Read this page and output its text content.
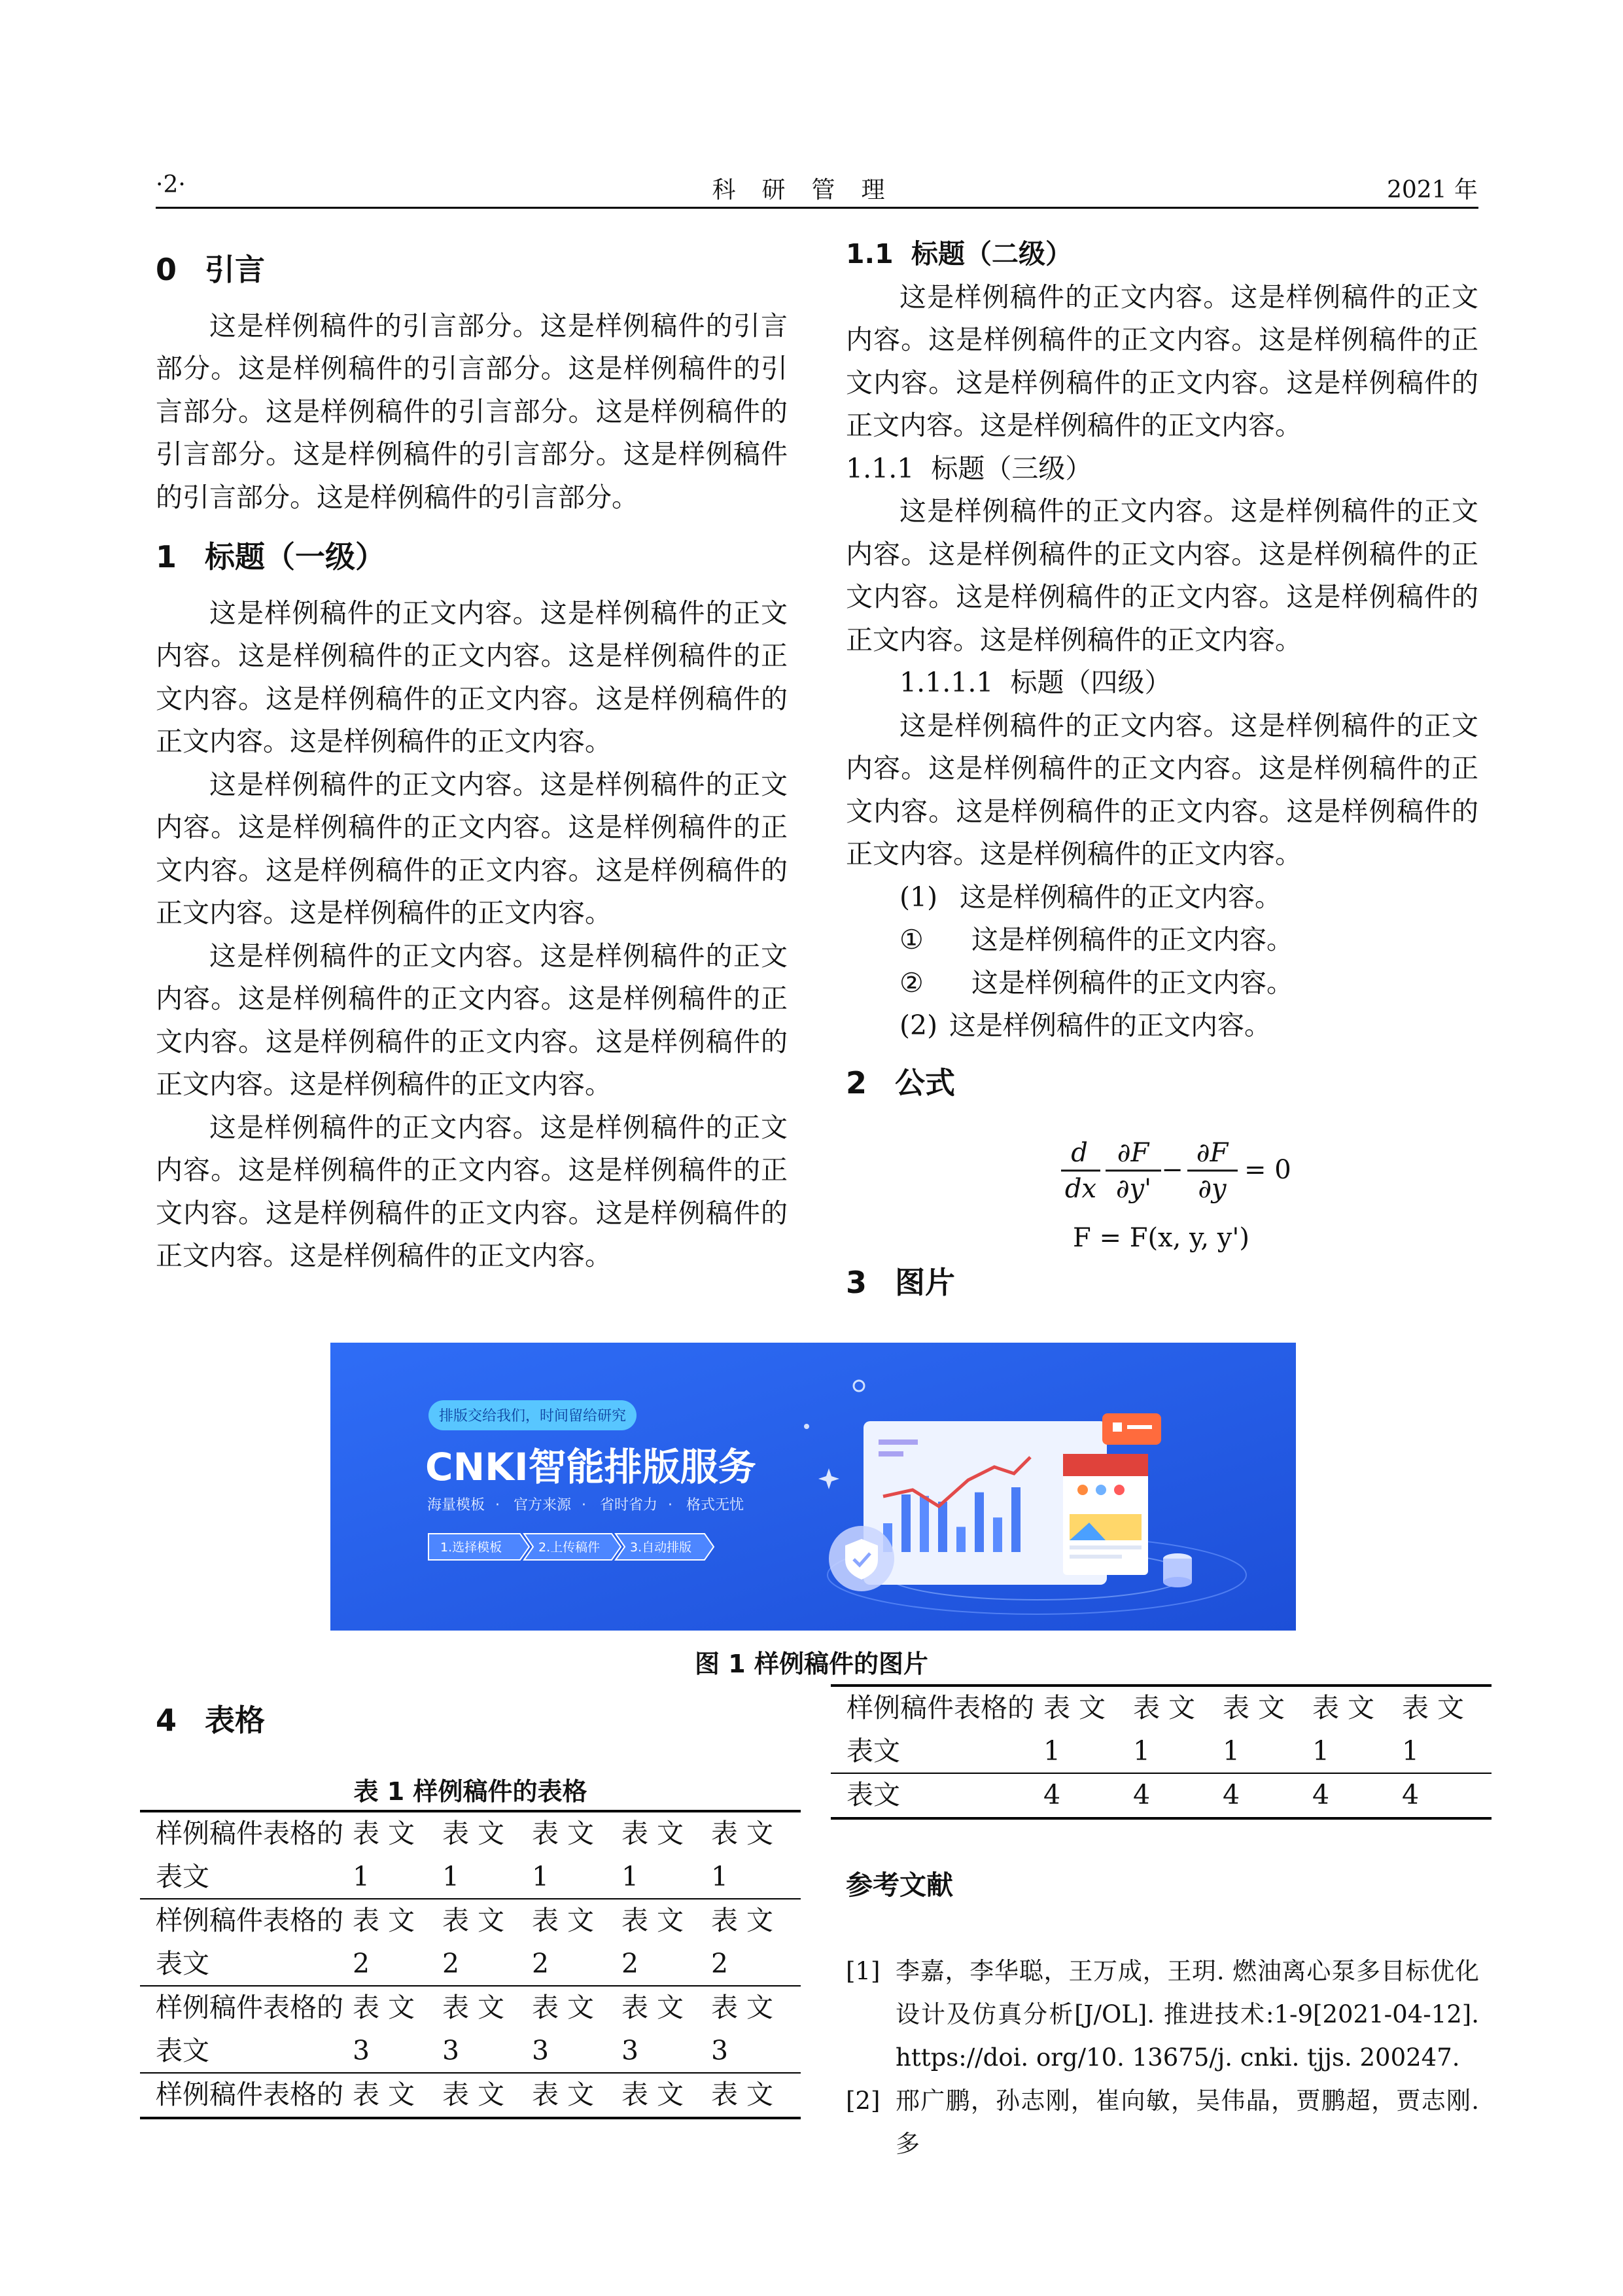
·2·	科研管理	2021 年
0 引言

这是样例稿件的引言部分。这是样例稿件的引言部分。这是样例稿件的引言部分。这是样例稿件的引言部分。这是样例稿件的引言部分。这是样例稿件的引言部分。这是样例稿件的引言部分。这是样例稿件的引言部分。这是样例稿件的引言部分。

1 标题（一级）

这是样例稿件的正文内容。这是样例稿件的正文内容。这是样例稿件的正文内容。这是样例稿件的正文内容。这是样例稿件的正文内容。这是样例稿件的正文内容。这是样例稿件的正文内容。

这是样例稿件的正文内容。这是样例稿件的正文内容。这是样例稿件的正文内容。这是样例稿件的正文内容。这是样例稿件的正文内容。这是样例稿件的正文内容。这是样例稿件的正文内容。

这是样例稿件的正文内容。这是样例稿件的正文内容。这是样例稿件的正文内容。这是样例稿件的正文内容。这是样例稿件的正文内容。这是样例稿件的正文内容。这是样例稿件的正文内容。

这是样例稿件的正文内容。这是样例稿件的正文内容。这是样例稿件的正文内容。这是样例稿件的正文内容。这是样例稿件的正文内容。这是样例稿件的正文内容。这是样例稿件的正文内容。

1.1 标题（二级）

这是样例稿件的正文内容。这是样例稿件的正文内容。这是样例稿件的正文内容。这是样例稿件的正文内容。这是样例稿件的正文内容。这是样例稿件的正文内容。这是样例稿件的正文内容。

1.1.1 标题（三级）

这是样例稿件的正文内容。这是样例稿件的正文内容。这是样例稿件的正文内容。这是样例稿件的正文内容。这是样例稿件的正文内容。这是样例稿件的正文内容。这是样例稿件的正文内容。

1.1.1.1 标题（四级）

这是样例稿件的正文内容。这是样例稿件的正文内容。这是样例稿件的正文内容。这是样例稿件的正文内容。这是样例稿件的正文内容。这是样例稿件的正文内容。这是样例稿件的正文内容。

(1) 这是样例稿件的正文内容。
① 这是样例稿件的正文内容。
② 这是样例稿件的正文内容。
(2) 这是样例稿件的正文内容。
2 公式
3 图片
d
dx
∂F
∂y'
−
∂F
∂y
= 0
F = F(x, y, y')
排版交给我们，时间留给研究
CNKI智能排版服务
海量模板 官方来源 省时省力 格式无忧
·	·	·
1.选择模板	2.上传稿件 3.自动排版
图 1 样例稿件的图片
4 表格
表 1 样例稿件的表格
样例稿件表格的	表 文	表 文	表 文	表 文	表 文
表文	1	1	1	1	1
样例稿件表格的	表 文	表 文	表 文	表 文	表 文
表文	2	2	2	2	2
样例稿件表格的	表 文	表 文	表 文	表 文	表 文
表文	3	3	3	3	3
样例稿件表格的	表 文	表 文	表 文	表 文	表 文
样例稿件表格的	表 文	表 文	表 文	表 文	表 文
表文	1	1	1	1	1
表文	4	4	4	4	4
参考文献
[1] 李嘉，李华聪，王万成，王玥. 燃油离心泵多目标优化设计及仿真分析[J/OL]. 推进技术:1-9[2021-04-12]. https://doi. org/10. 13675/j. cnki. tjjs. 200247.
[2] 邢广鹏，孙志刚，崔向敏，吴伟晶，贾鹏超，贾志刚. 多
